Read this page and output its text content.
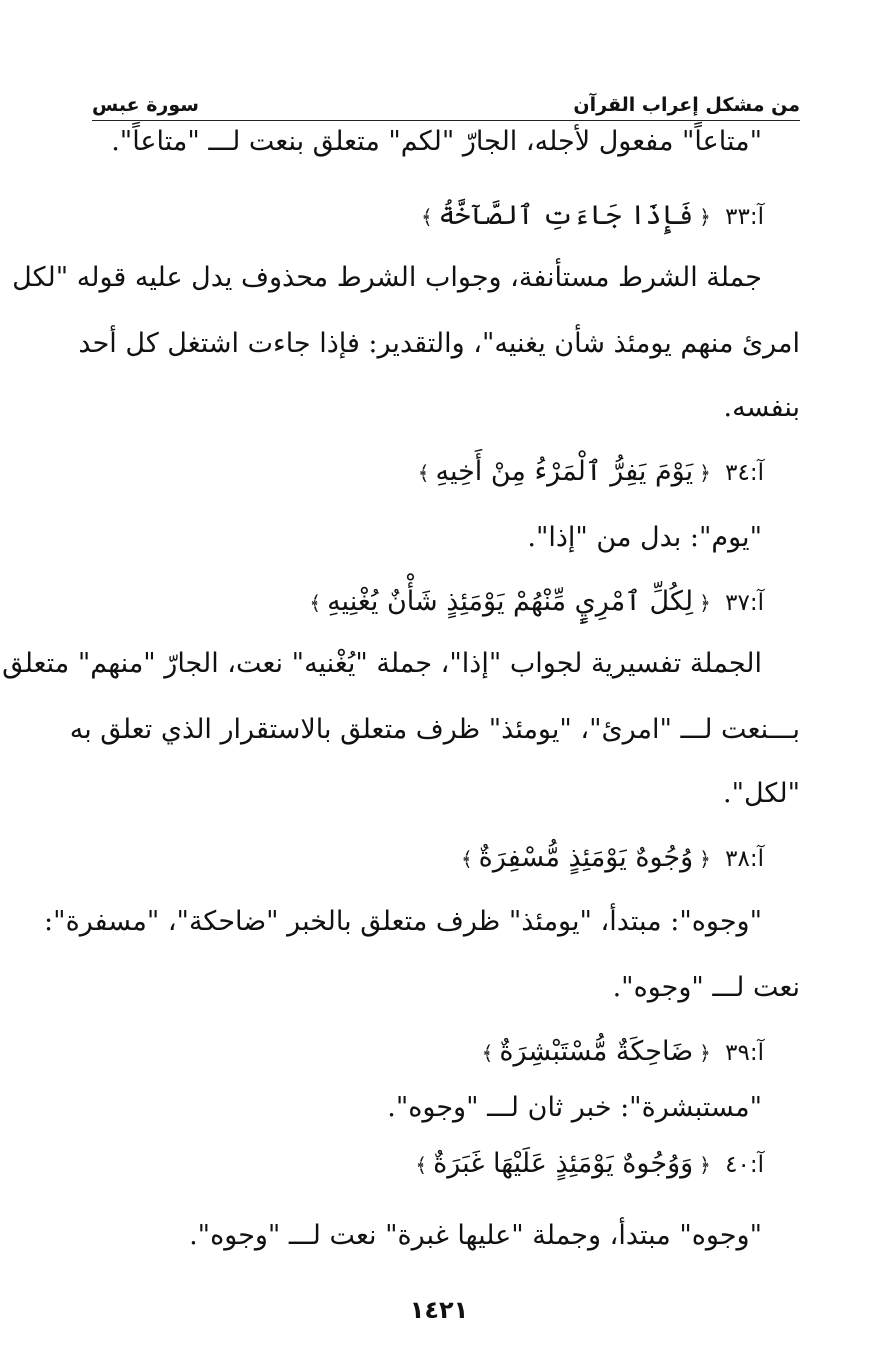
من مشكل إعراب القرآن
سورة عبس
"متاعاً" مفعول لأجله، الجارّ "لكم" متعلق بنعت لـــ "متاعاً".
آ:٣٣ ﴿فَإِذَا جَاءَتِ ٱلصَّآخَّةُ﴾
جملة الشرط مستأنفة، وجواب الشرط محذوف يدل عليه قوله "لكل
امرئ منهم يومئذ شأن يغنيه"، والتقدير: فإذا جاءت اشتغل كل أحد
بنفسه.
آ:٣٤ ﴿يَوْمَ يَفِرُّ ٱلْمَرْءُ مِنْ أَخِيهِ﴾
"يوم": بدل من "إذا".
آ:٣٧ ﴿لِكُلِّ ٱمْرِيٍٕ مِّنْهُمْ يَوْمَئِذٍ شَأْنٌ يُغْنِيهِ﴾
الجملة تفسيرية لجواب "إذا"، جملة "يُغْنيه" نعت، الجارّ "منهم" متعلق
بـــنعت لـــ "امرئ"، "يومئذ" ظرف متعلق بالاستقرار الذي تعلق به
"لكل".
آ:٣٨ ﴿وُجُوهٌ يَوْمَئِذٍ مُّسْفِرَةٌ﴾
"وجوه": مبتدأ، "يومئذ" ظرف متعلق بالخبر "ضاحكة"، "مسفرة":
نعت لـــ "وجوه".
آ:٣٩ ﴿ضَاحِكَةٌ مُّسْتَبْشِرَةٌ﴾
"مستبشرة": خبر ثان لـــ "وجوه".
آ:٤٠ ﴿وَوُجُوهٌ يَوْمَئِذٍ عَلَيْهَا غَبَرَةٌ﴾
"وجوه" مبتدأ، وجملة "عليها غبرة" نعت لـــ "وجوه".
١٤٢١
